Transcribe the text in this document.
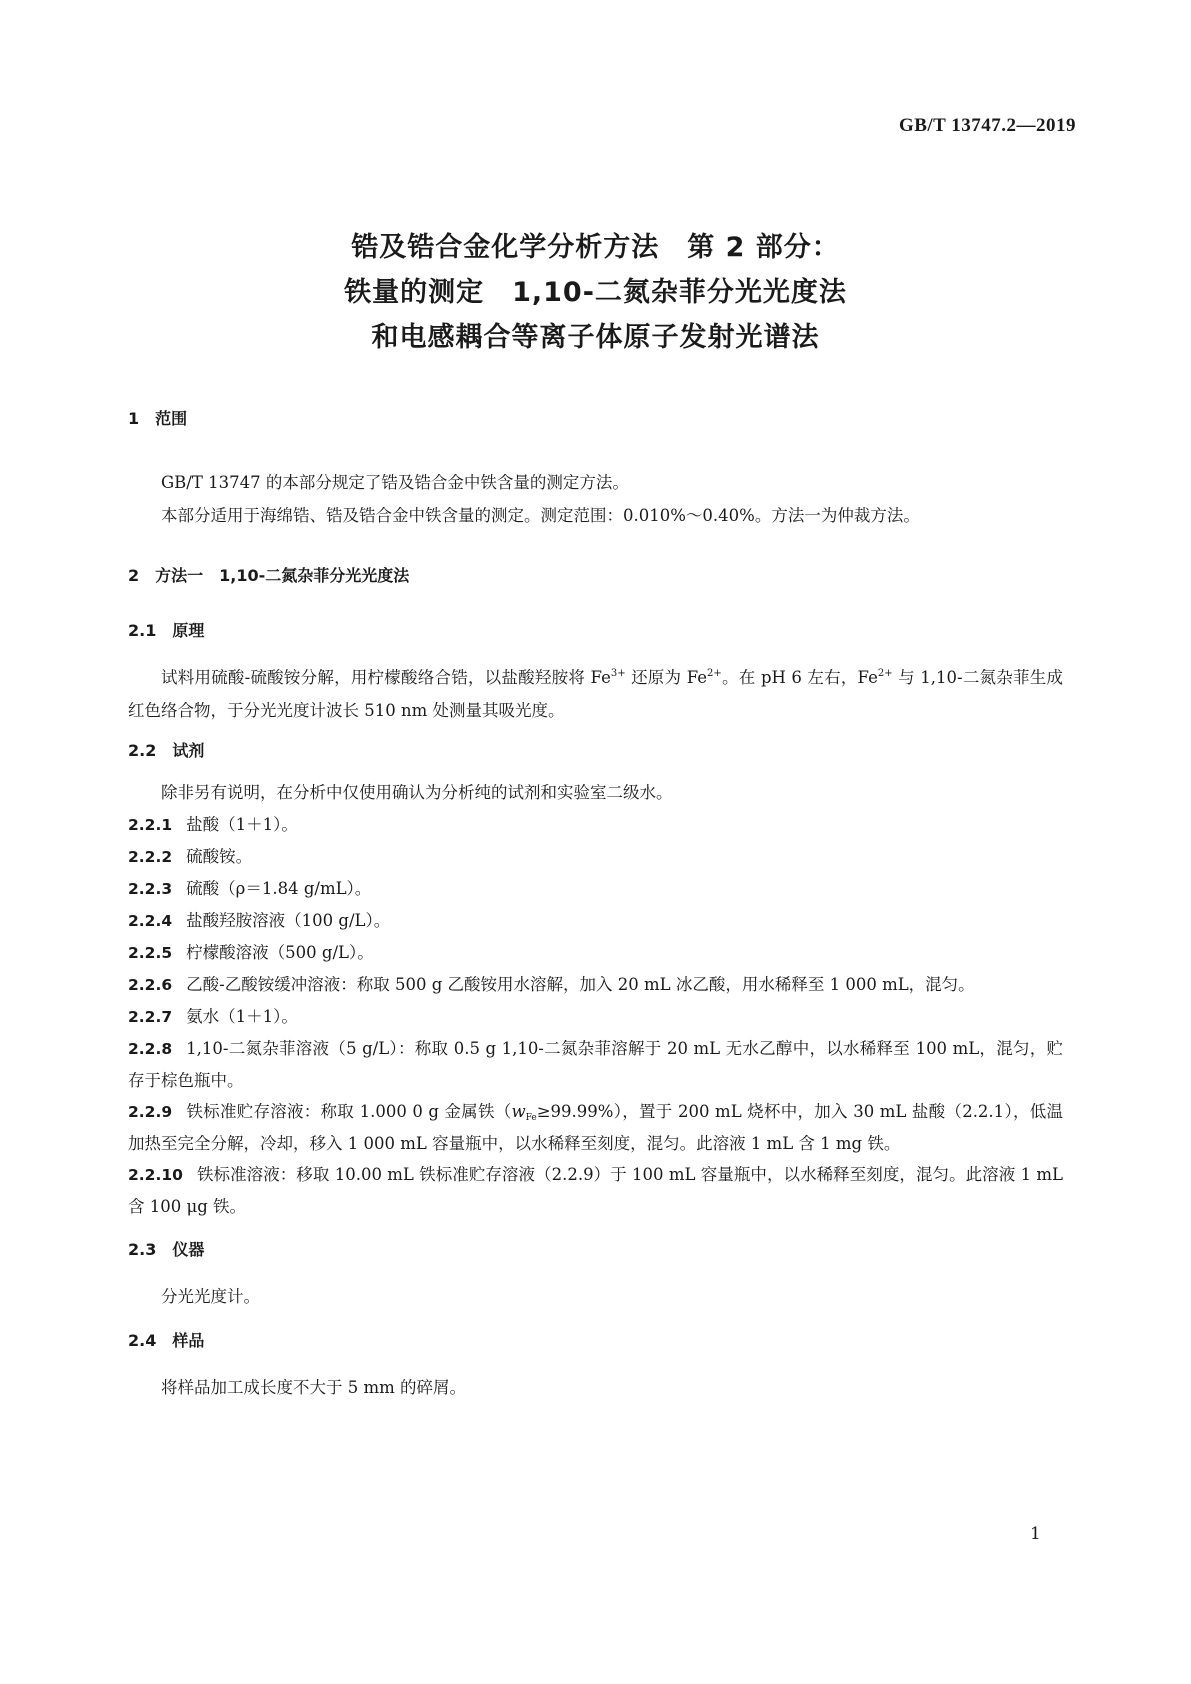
GB/T 13747.2—2019
锆及锆合金化学分析方法　第 2 部分：
铁量的测定　1,10-二氮杂菲分光光度法
和电感耦合等离子体原子发射光谱法
1　范围

GB/T 13747 的本部分规定了锆及锆合金中铁含量的测定方法。

本部分适用于海绵锆、锆及锆合金中铁含量的测定。测定范围：0.010%～0.40%。方法一为仲裁方法。

2　方法一　1,10-二氮杂菲分光光度法
2.1　原理

试料用硫酸-硫酸铵分解，用柠檬酸络合锆，以盐酸羟胺将 $Fe^{3+}$ 还原为 $Fe^{2+}$。在 pH 6 左右，$Fe^{2+}$ 与 1,10-二氮杂菲生成红色络合物，于分光光度计波长 510 nm 处测量其吸光度。

2.2　试剂

除非另有说明，在分析中仅使用确认为分析纯的试剂和实验室二级水。

2.2.1 盐酸（1＋1）。

2.2.2 硫酸铵。

2.2.3 硫酸（ρ＝1.84 g/mL）。

2.2.4 盐酸羟胺溶液（100 g/L）。

2.2.5 柠檬酸溶液（500 g/L）。

2.2.6 乙酸-乙酸铵缓冲溶液：称取 500 g 乙酸铵用水溶解，加入 20 mL 冰乙酸，用水稀释至 1 000 mL，混匀。

2.2.7 氨水（1＋1）。

2.2.8 1,10-二氮杂菲溶液（5 g/L）：称取 0.5 g 1,10-二氮杂菲溶解于 20 mL 无水乙醇中，以水稀释至 100 mL，混匀，贮存于棕色瓶中。

2.2.9 铁标准贮存溶液：称取 1.000 0 g 金属铁$(w_{Fe}\ge 99.99\%)$，置于 200 mL 烧杯中，加入 30 mL 盐酸（2.2.1），低温加热至完全分解，冷却，移入 1 000 mL 容量瓶中，以水稀释至刻度，混匀。此溶液 1 mL 含 1 mg 铁。

2.2.10 铁标准溶液：移取 10.00 mL 铁标准贮存溶液（2.2.9）于 100 mL 容量瓶中，以水稀释至刻度，混匀。此溶液 1 mL 含 100 μg 铁。

2.3　仪器

分光光度计。

2.4　样品

将样品加工成长度不大于 5 mm 的碎屑。

1
